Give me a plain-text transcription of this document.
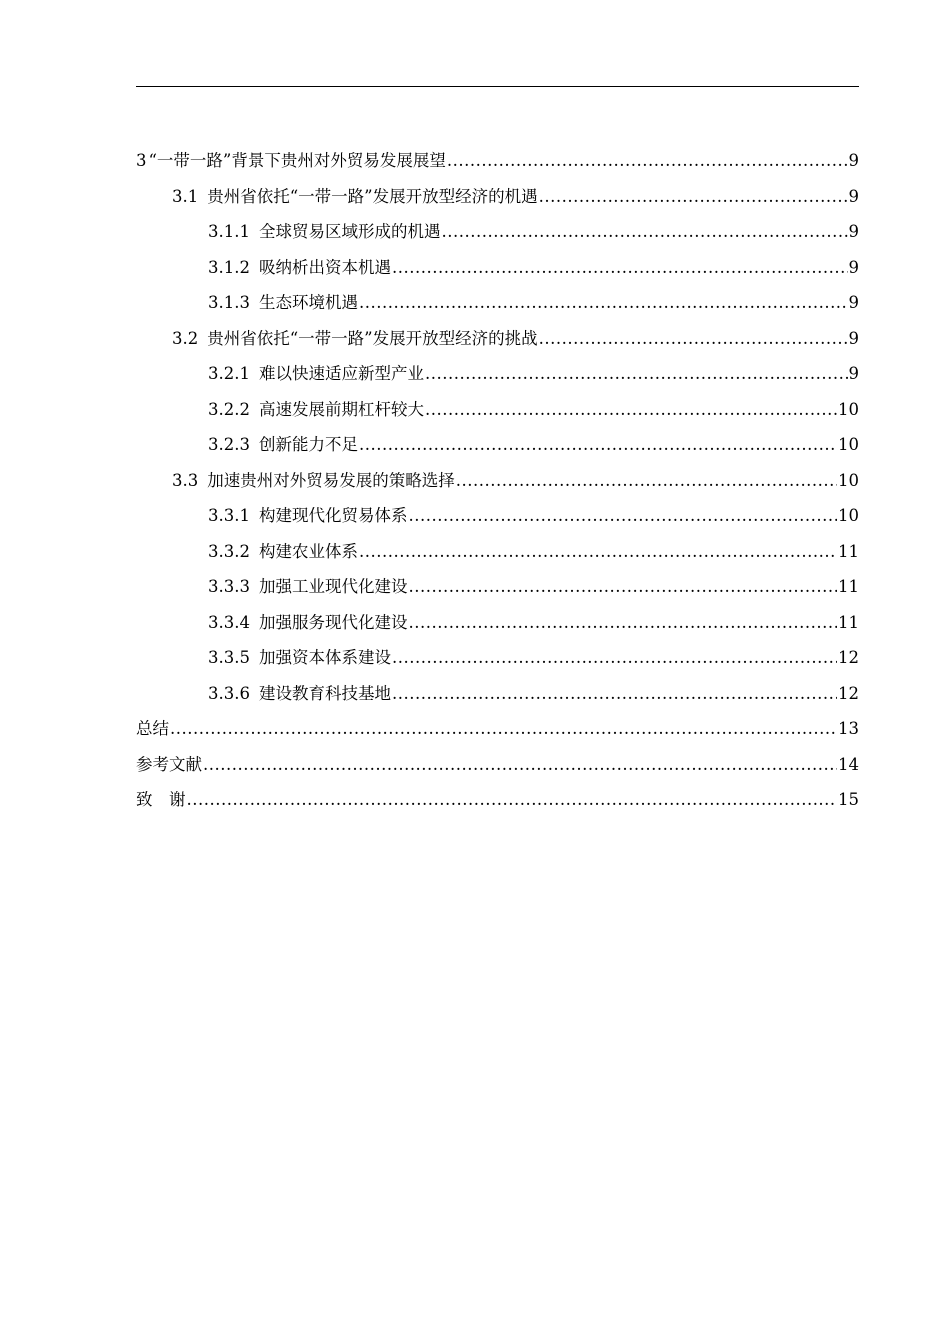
3 “一带一路”背景下贵州对外贸易发展展望 .....	9
3.1 贵州省依托“一带一路”发展开放型经济的机遇 .....	9
3.1.1 全球贸易区域形成的机遇 .....	9
3.1.2 吸纳析出资本机遇 .....	9
3.1.3 生态环境机遇 .....	9
3.2 贵州省依托“一带一路”发展开放型经济的挑战 .....	9
3.2.1 难以快速适应新型产业 .....	9
3.2.2 高速发展前期杠杆较大 .....	10
3.2.3 创新能力不足 .....	10
3.3 加速贵州对外贸易发展的策略选择 .....	10
3.3.1 构建现代化贸易体系 .....	10
3.3.2 构建农业体系 .....	11
3.3.3 加强工业现代化建设 .....	11
3.3.4 加强服务现代化建设 .....	11
3.3.5 加强资本体系建设 .....	12
3.3.6 建设教育科技基地 .....	12
总结 .....	13
参考文献 .....	14
致　谢 .....	15
